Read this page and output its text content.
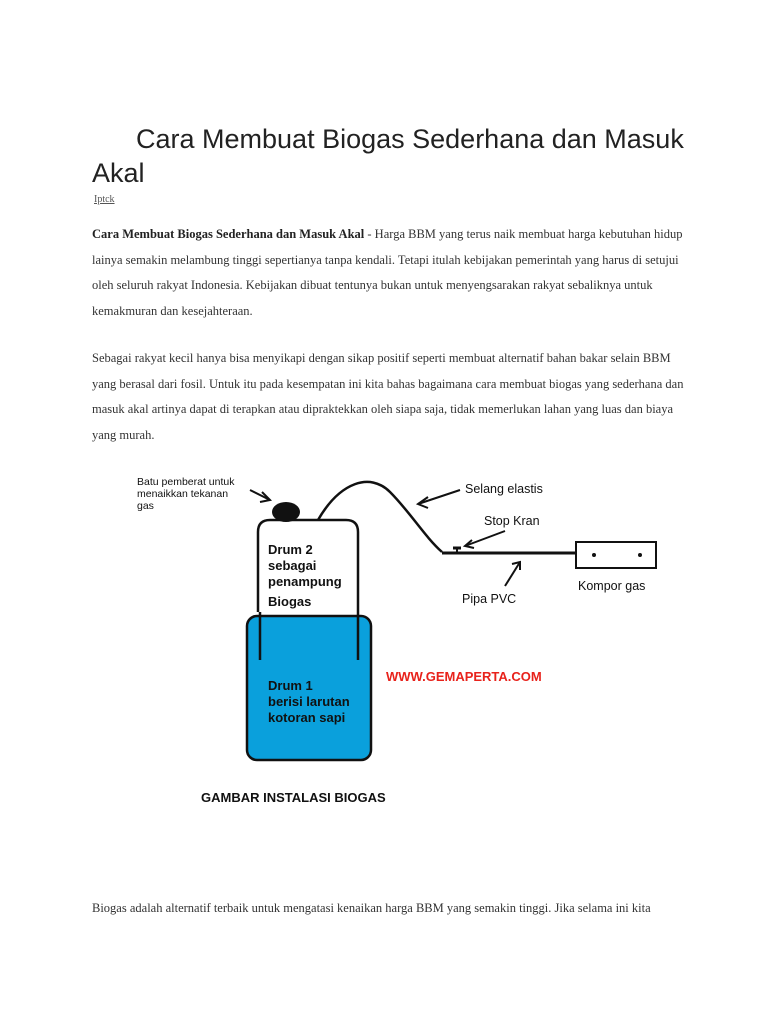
Cara Membuat Biogas Sederhana dan Masuk Akal
Iptck

Cara Membuat Biogas Sederhana dan Masuk Akal - Harga BBM yang terus naik membuat harga kebutuhan hidup lainya semakin melambung tinggi sepertianya tanpa kendali. Tetapi itulah kebijakan pemerintah yang harus di setujui oleh seluruh rakyat Indonesia. Kebijakan dibuat tentunya bukan untuk menyengsarakan rakyat sebaliknya untuk kemakmuran dan kesejahteraan.

Sebagai rakyat kecil hanya bisa menyikapi dengan sikap positif seperti membuat alternatif bahan bakar selain BBM yang berasal dari fosil. Untuk itu pada kesempatan ini kita bahas bagaimana cara membuat biogas yang sederhana dan masuk akal artinya dapat di terapkan atau dipraktekkan oleh siapa saja, tidak memerlukan lahan yang luas dan biaya yang murah.

Batu pemberat untuk
menaikkan tekanan
gas
Selang elastis
Stop Kran
Pipa PVC
Kompor gas
Drum 2
sebagai
penampung
Biogas
Drum 1
berisi larutan
kotoran sapi
WWW.GEMAPERTA.COM
GAMBAR INSTALASI BIOGAS

Biogas adalah alternatif terbaik untuk mengatasi kenaikan harga BBM yang semakin tinggi. Jika selama ini kita
